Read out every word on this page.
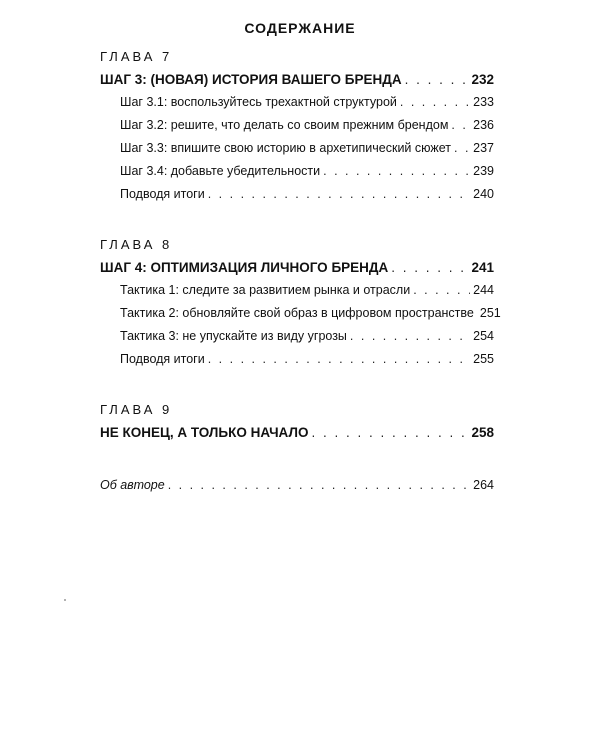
СОДЕРЖАНИЕ
ГЛАВА 7
ШАГ 3: (НОВАЯ) ИСТОРИЯ ВАШЕГО БРЕНДА . . .	232
Шаг 3.1: воспользуйтесь трехактной структурой . . .	233
Шаг 3.2: решите, что делать со своим прежним брендом . . . 236
Шаг 3.3: впишите свою историю в архетипический сюжет . . . 237
Шаг 3.4: добавьте убедительности . . .	239
Подводя итоги . . .	240
ГЛАВА 8
ШАГ 4: ОПТИМИЗАЦИЯ ЛИЧНОГО БРЕНДА . . .	241
Тактика 1: следите за развитием рынка и отрасли . . .	244
Тактика 2: обновляйте свой образ в цифровом пространстве 251
Тактика 3: не упускайте из виду угрозы . . .	254
Подводя итоги . . .	255
ГЛАВА 9
НЕ КОНЕЦ, А ТОЛЬКО НАЧАЛО . . .	258
Об авторе . . .	264
